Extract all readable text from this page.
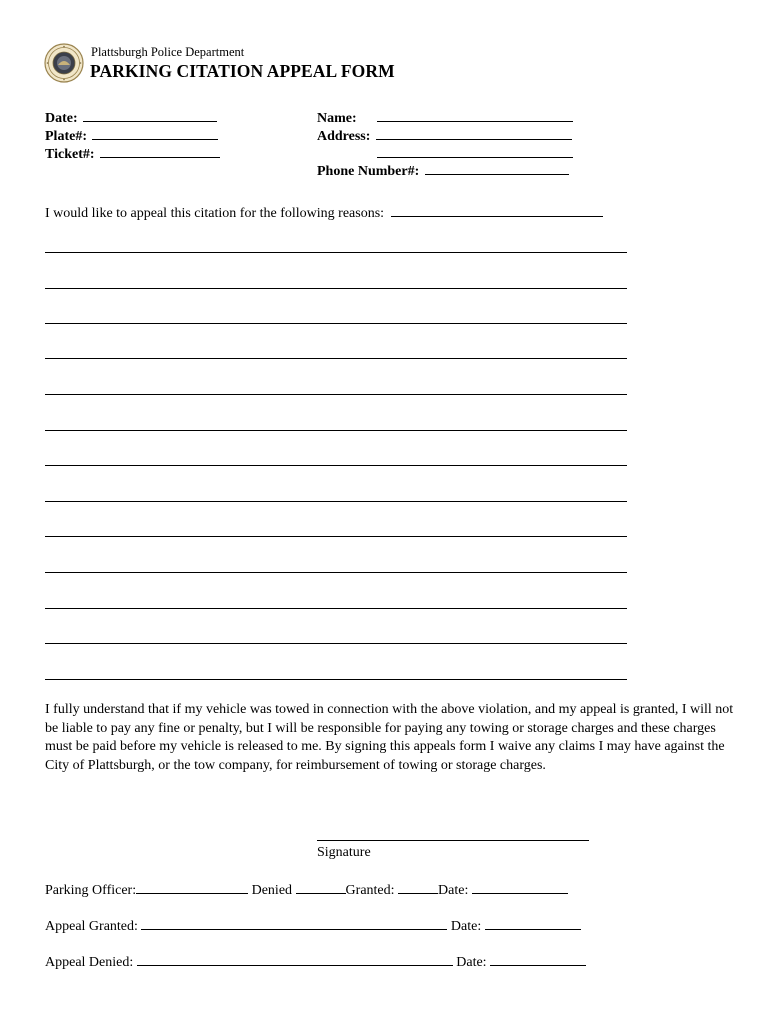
Plattsburgh Police Department
PARKING CITATION APPEAL FORM
Date:
Plate#:
Ticket#:
Name:
Address:
Phone Number#:
I would like to appeal this citation for the following reasons:
I fully understand that if my vehicle was towed in connection with the above violation, and my appeal is granted, I will not be liable to pay any fine or penalty, but I will be responsible for paying any towing or storage charges and these charges must be paid before my vehicle is released to me. By signing this appeals form I waive any claims I may have against the City of Plattsburgh, or the tow company, for reimbursement of towing or storage charges.
Signature
Parking Officer:	Denied	Granted:	Date:
Appeal Granted:	Date:
Appeal Denied:	Date:
